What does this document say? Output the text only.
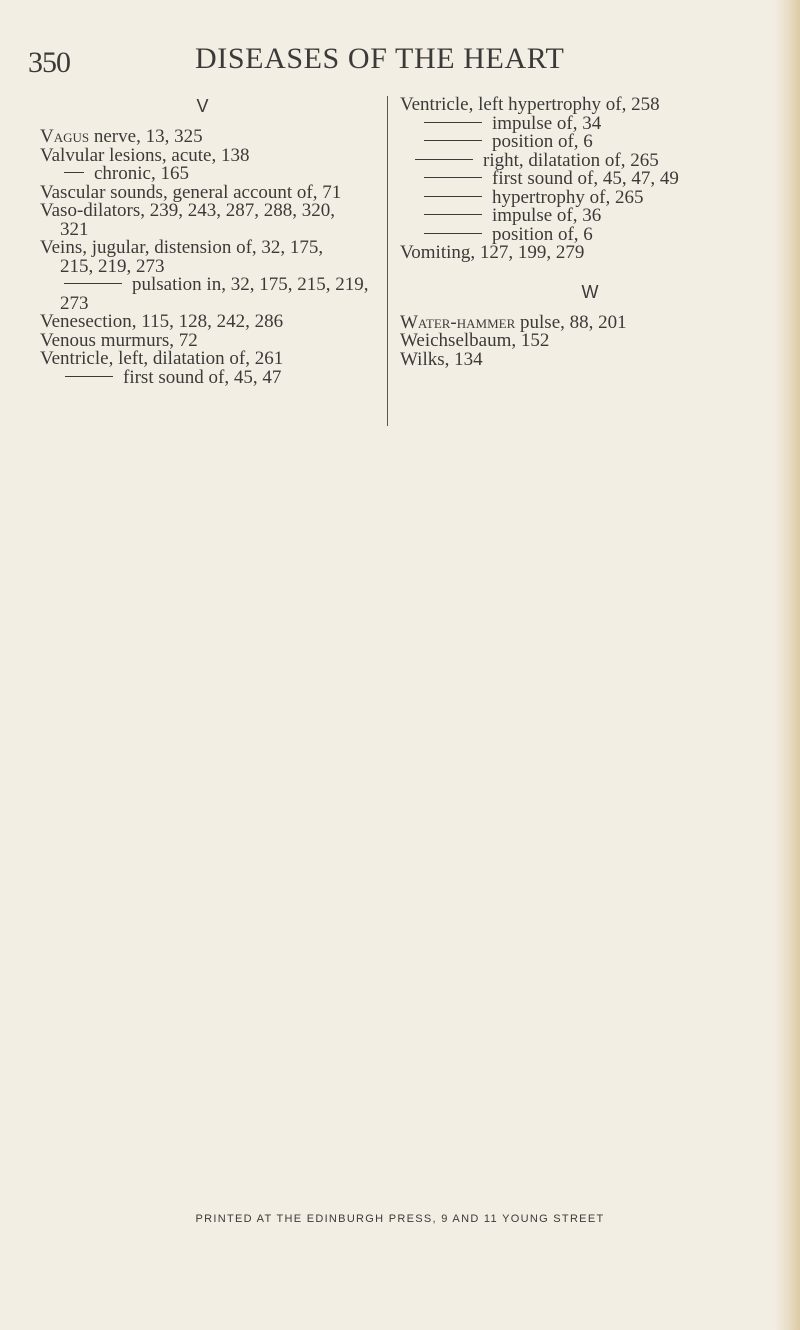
350	DISEASES OF THE HEART
V
Vagus nerve, 13, 325
Valvular lesions, acute, 138
chronic, 165
Vascular sounds, general account of, 71
Vaso-dilators, 239, 243, 287, 288, 320,
321
Veins, jugular, distension of, 32, 175,
215, 219, 273
pulsation in, 32, 175, 215, 219,
273
Venesection, 115, 128, 242, 286
Venous murmurs, 72
Ventricle, left, dilatation of, 261
first sound of, 45, 47
Ventricle, left hypertrophy of, 258
impulse of, 34
position of, 6
right, dilatation of, 265
first sound of, 45, 47, 49
hypertrophy of, 265
impulse of, 36
position of, 6
Vomiting, 127, 199, 279
W
Water-hammer pulse, 88, 201
Weichselbaum, 152
Wilks, 134
PRINTED AT THE EDINBURGH PRESS, 9 AND 11 YOUNG STREET
